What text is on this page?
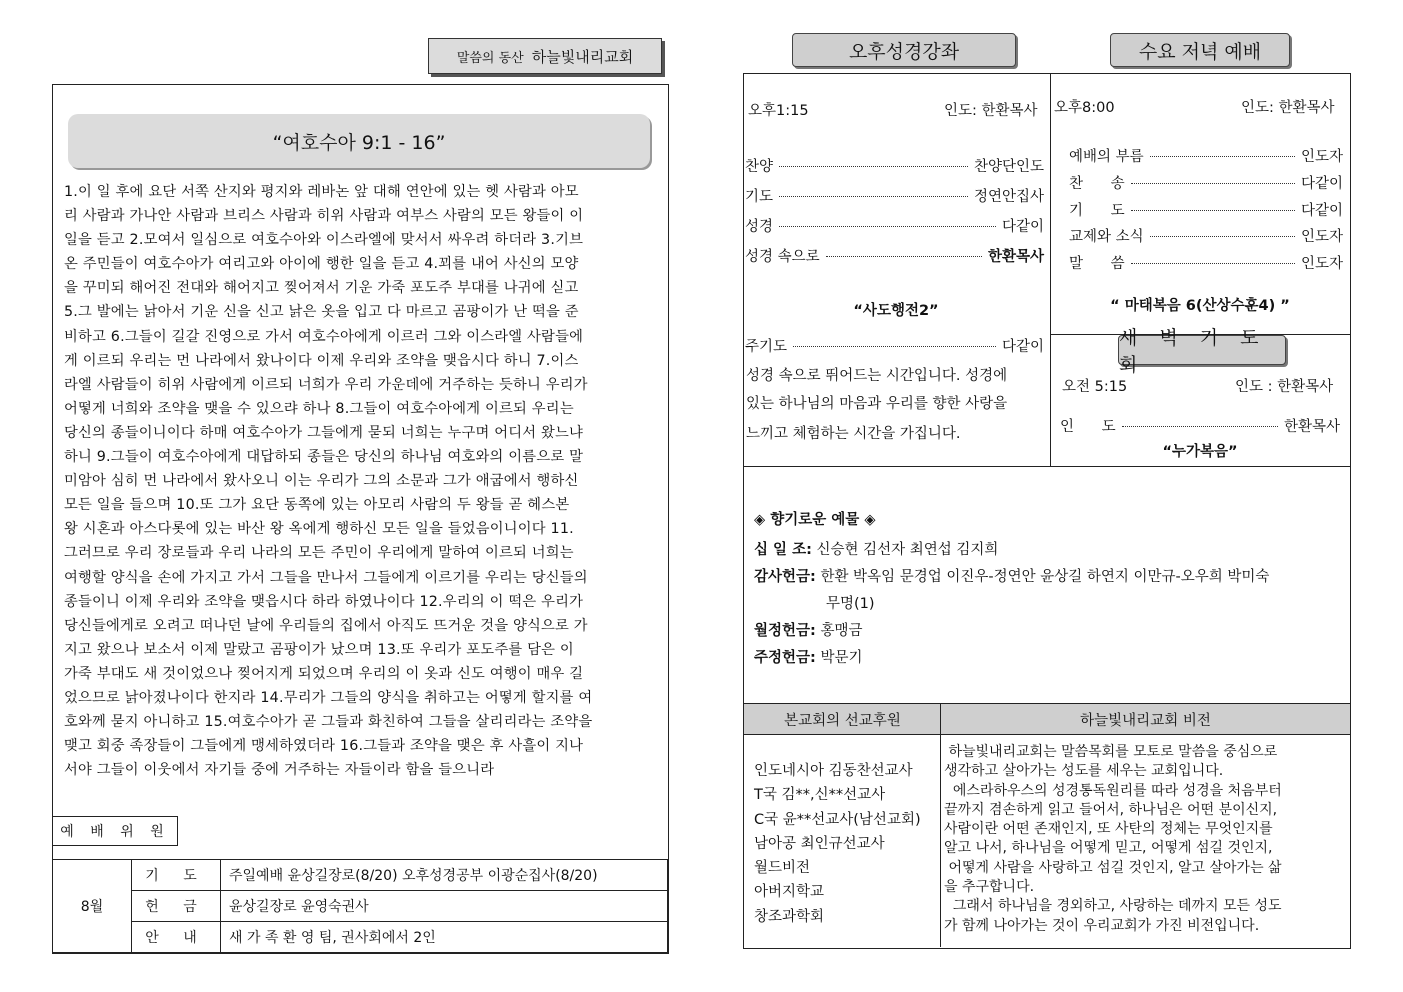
말씀의 동산 하늘빛내리교회
“여호수아 9:1 - 16”
1.이 일 후에 요단 서쪽 산지와 평지와 레바논 앞 대해 연안에 있는 헷 사람과 아모
리 사람과 가나안 사람과 브리스 사람과 히위 사람과 여부스 사람의 모든 왕들이 이
일을 듣고 2.모여서 일심으로 여호수아와 이스라엘에 맞서서 싸우려 하더라 3.기브
온 주민들이 여호수아가 여리고와 아이에 행한 일을 듣고 4.꾀를 내어 사신의 모양
을 꾸미되 해어진 전대와 해어지고 찢어져서 기운 가죽 포도주 부대를 나귀에 싣고
5.그 발에는 낡아서 기운 신을 신고 낡은 옷을 입고 다 마르고 곰팡이가 난 떡을 준
비하고 6.그들이 길갈 진영으로 가서 여호수아에게 이르러 그와 이스라엘 사람들에
게 이르되 우리는 먼 나라에서 왔나이다 이제 우리와 조약을 맺읍시다 하니 7.이스
라엘 사람들이 히위 사람에게 이르되 너희가 우리 가운데에 거주하는 듯하니 우리가
어떻게 너희와 조약을 맺을 수 있으랴 하나 8.그들이 여호수아에게 이르되 우리는
당신의 종들이니이다 하매 여호수아가 그들에게 묻되 너희는 누구며 어디서 왔느냐
하니 9.그들이 여호수아에게 대답하되 종들은 당신의 하나님 여호와의 이름으로 말
미암아 심히 먼 나라에서 왔사오니 이는 우리가 그의 소문과 그가 애굽에서 행하신
모든 일을 들으며 10.또 그가 요단 동쪽에 있는 아모리 사람의 두 왕들 곧 헤스본
왕 시혼과 아스다롯에 있는 바산 왕 옥에게 행하신 모든 일을 들었음이니이다 11.
그러므로 우리 장로들과 우리 나라의 모든 주민이 우리에게 말하여 이르되 너희는
여행할 양식을 손에 가지고 가서 그들을 만나서 그들에게 이르기를 우리는 당신들의
종들이니 이제 우리와 조약을 맺읍시다 하라 하였나이다 12.우리의 이 떡은 우리가
당신들에게로 오려고 떠나던 날에 우리들의 집에서 아직도 뜨거운 것을 양식으로 가
지고 왔으나 보소서 이제 말랐고 곰팡이가 났으며 13.또 우리가 포도주를 담은 이
가죽 부대도 새 것이었으나 찢어지게 되었으며 우리의 이 옷과 신도 여행이 매우 길
었으므로 낡아졌나이다 한지라 14.무리가 그들의 양식을 취하고는 어떻게 할지를 여
호와께 묻지 아니하고 15.여호수아가 곧 그들과 화친하여 그들을 살리리라는 조약을
맺고 회중 족장들이 그들에게 맹세하였더라 16.그들과 조약을 맺은 후 사흘이 지나
서야 그들이 이웃에서 자기들 중에 거주하는 자들이라 함을 들으니라
예 배 위 원
8월	기 도	주일예배 윤상길장로(8/20) 오후성경공부 이광순집사(8/20)
	헌 금	윤상길장로 윤영숙권사
	안 내	새 가 족 환 영 팀, 권사회에서 2인
오후성경강좌	수요 저녁 예배
오후1:15	인도: 한환목사
찬양	찬양단인도
기도	정연안집사
성경	다같이
성경 속으로	한환목사
“사도행전2”
주기도	다같이
성경 속으로 뛰어드는 시간입니다. 성경에
있는 하나님의 마음과 우리를 향한 사랑을
느끼고 체험하는 시간을 가집니다.
오후8:00	인도: 한환목사
예배의 부름	인도자
찬      송	다같이
기      도	다같이
교제와 소식	인도자
말      씀	인도자
“ 마태복음 6(산상수훈4) ”
새 벽 기 도 회
오전 5:15	인도 : 한환목사
인      도	한환목사
“누가복음”
◈ 향기로운 예물 ◈
십 일 조: 신승현 김선자 최연섭 김지희
감사헌금: 한환 박옥임 문경업 이진우-정연안 윤상길 하연지 이만규-오우희 박미숙
무명(1)
월정헌금: 홍맹금
주정헌금: 박문기
본교회의 선교후원	하늘빛내리교회 비전
인도네시아 김동찬선교사
T국 김**,신**선교사
C국 윤**선교사(남선교회)
남아공 최인규선교사
월드비전
아버지학교
창조과학회
하늘빛내리교회는 말씀목회를 모토로 말씀을 중심으로
생각하고 살아가는 성도를 세우는 교회입니다.
에스라하우스의 성경통독원리를 따라 성경을 처음부터
끝까지 겸손하게 읽고 들어서, 하나님은 어떤 분이신지,
사람이란 어떤 존재인지, 또 사탄의 정체는 무엇인지를
알고 나서, 하나님을 어떻게 믿고, 어떻게 섬길 것인지,
어떻게 사람을 사랑하고 섬길 것인지, 알고 살아가는 삶
을 추구합니다.
그래서 하나님을 경외하고, 사랑하는 데까지 모든 성도
가 함께 나아가는 것이 우리교회가 가진 비전입니다.
